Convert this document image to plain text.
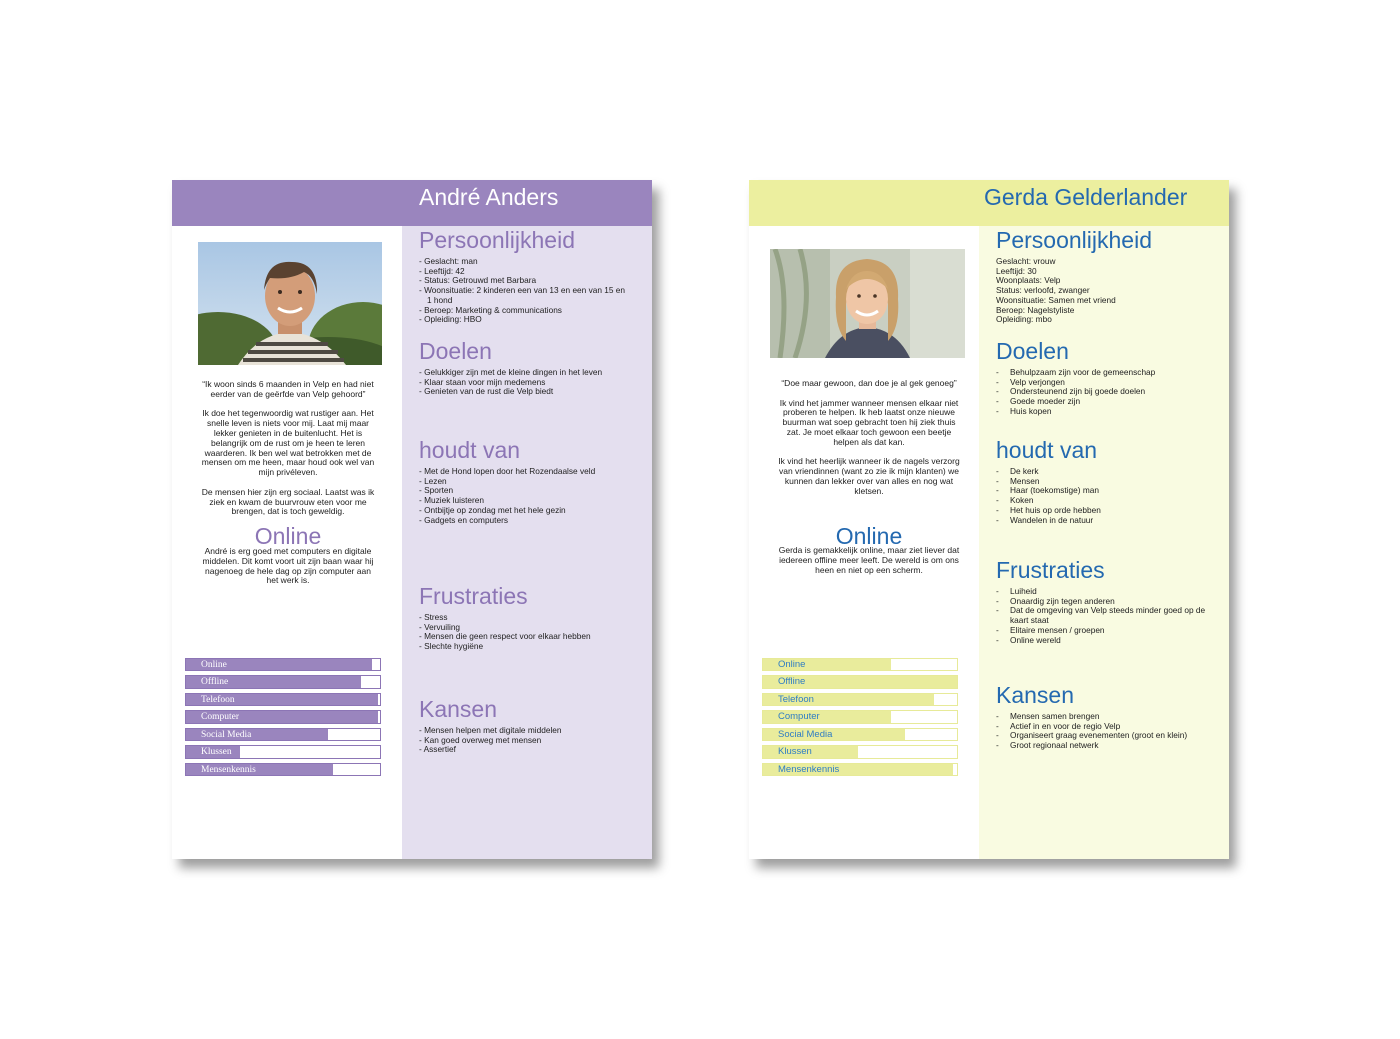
André Anders

“Ik woon sinds 6 maanden in Velp en had niet eerder van de geërfde van Velp gehoord”

Ik doe het tegenwoordig wat rustiger aan. Het snelle leven is niets voor mij. Laat mij maar lekker genieten in de buitenlucht. Het is belangrijk om de rust om je heen te leren waarderen. Ik ben wel wat betrokken met de mensen om me heen, maar houd ook wel van mijn privéleven.

De mensen hier zijn erg sociaal. Laatst was ik ziek en kwam de buurvrouw eten voor me brengen, dat is toch geweldig.

Online
André is erg goed met computers en digitale middelen. Dit komt voort uit zijn baan waar hij nagenoeg de hele dag op zijn computer aan het werk is.
Online
Offline
Telefoon
Computer
Social Media
Klussen
Mensenkennis
Persoonlijkheid
- Geslacht: man
- Leeftijd: 42
- Status: Getrouwd met Barbara
- Woonsituatie: 2 kinderen een van 13 en een van 15 en 1 hond
- Beroep: Marketing & communications
- Opleiding: HBO
Doelen
- Gelukkiger zijn met de kleine dingen in het leven
- Klaar staan voor mijn medemens
- Genieten van de rust die Velp biedt
houdt van
- Met de Hond lopen door het Rozendaalse veld
- Lezen
- Sporten
- Muziek luisteren
- Ontbijtje op zondag met het hele gezin
- Gadgets en computers
Frustraties
- Stress
- Vervuiling
- Mensen die geen respect voor elkaar hebben
- Slechte hygiëne
Kansen
- Mensen helpen met digitale middelen
- Kan goed overweg met mensen
- Assertief
Gerda Gelderlander

“Doe maar gewoon, dan doe je al gek genoeg”

Ik vind het jammer wanneer mensen elkaar niet proberen te helpen. Ik heb laatst onze nieuwe buurman wat soep gebracht toen hij ziek thuis zat. Je moet elkaar toch gewoon een beetje helpen als dat kan.

Ik vind het heerlijk wanneer ik de nagels verzorg van vriendinnen (want zo zie ik mijn klanten) we kunnen dan lekker over van alles en nog wat kletsen.

Online
Gerda is gemakkelijk online, maar ziet liever dat iedereen offline meer leeft. De wereld is om ons heen en niet op een scherm.
Online
Offline
Telefoon
Computer
Social Media
Klussen
Mensenkennis
Persoonlijkheid
Geslacht: vrouw
Leeftijd: 30
Woonplaats: Velp
Status: verloofd, zwanger
Woonsituatie: Samen met vriend
Beroep: Nagelstyliste
Opleiding: mbo
Doelen
- Behulpzaam zijn voor de gemeenschap
- Velp verjongen
- Ondersteunend zijn bij goede doelen
- Goede moeder zijn
- Huis kopen
houdt van
- De kerk
- Mensen
- Haar (toekomstige) man
- Koken
- Het huis op orde hebben
- Wandelen in de natuur
Frustraties
- Luiheid
- Onaardig zijn tegen anderen
- Dat de omgeving van Velp steeds minder goed op de
kaart staat
- Elitaire mensen / groepen
- Online wereld
Kansen
- Mensen samen brengen
- Actief in en voor de regio Velp
- Organiseert graag evenementen (groot en klein)
- Groot regionaal netwerk
